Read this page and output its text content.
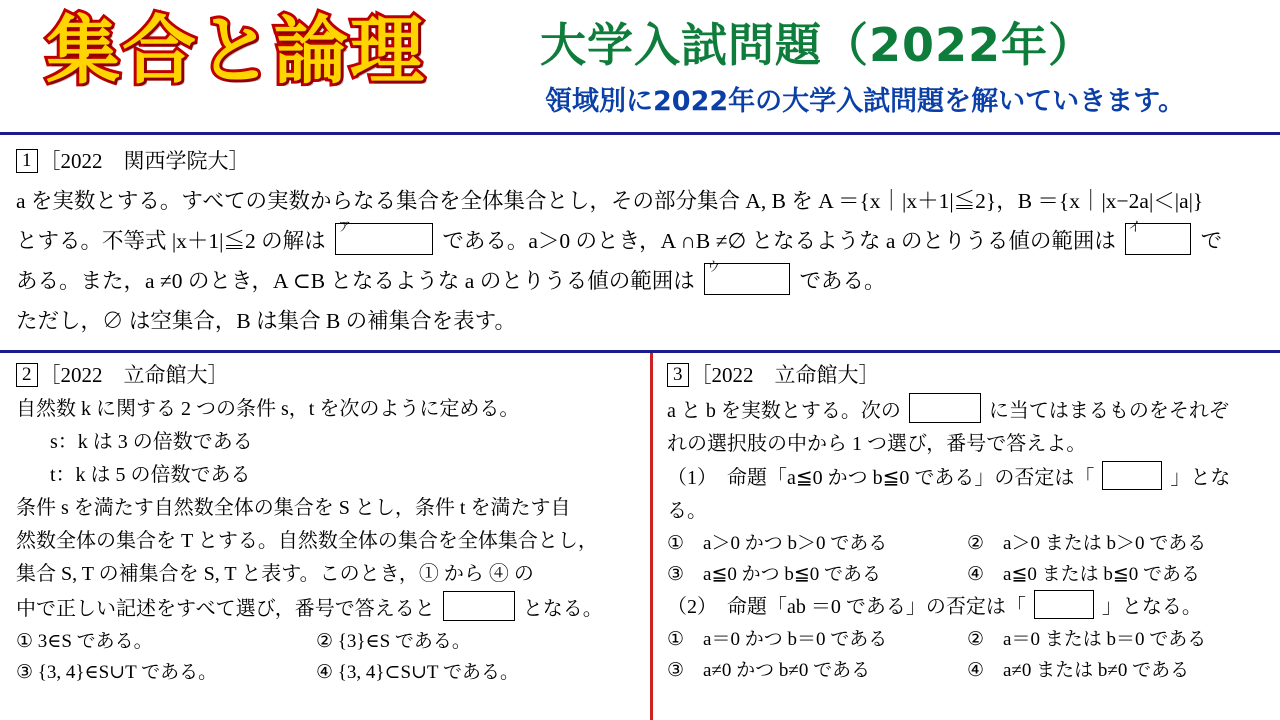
集合と論理 大学入試問題（2022年）
領域別に2022年の大学入試問題を解いていきます。
1 ［2022　関西学院大］
a を実数とする。すべての実数からなる集合を全体集合とし，その部分集合 A, B を A ＝{x｜|x＋1|≦2}，B ＝{x｜|x−2a|＜|a|}
とする。不等式 |x＋1|≦2 の解は
ア
である。a＞0 のとき，A ∩B ≠∅ となるような a のとりうる値の範囲は
イ
で
ある。また，a ≠0 のとき，A ⊂B となるような a のとりうる値の範囲は
ウ
である。
ただし，∅ は空集合，B は集合 B の補集合を表す。
2 ［2022　立命館大］
自然数 k に関する 2 つの条件 s，t を次のように定める。
s：k は 3 の倍数である
t：k は 5 の倍数である
条件 s を満たす自然数全体の集合を S とし，条件 t を満たす自
然数全体の集合を T とする。自然数全体の集合を全体集合とし，
集合 S, T の補集合を S, T と表す。このとき，① から ④ の
中で正しい記述をすべて選び，番号で答えると	となる。
① 3∈S である。	② {3}∈S である。
③ {3, 4}∈S∪T である。	④ {3, 4}⊂S∪T である。
3 ［2022　立命館大］
a と b を実数とする。次の	に当てはまるものをそれぞ
れの選択肢の中から 1 つ選び，番号で答えよ。
（1）　命題「a≦0 かつ b≦0 である」の否定は「	」となる。
①　a＞0 かつ b＞0 である	②　a＞0 または b＞0 である
③　a≦0 かつ b≦0 である	④　a≦0 または b≦0 である
（2）　命題「ab ＝0 である」の否定は「	」となる。
①　a＝0 かつ b＝0 である	②　a＝0 または b＝0 である
③　a≠0 かつ b≠0 である	④　a≠0 または b≠0 である
